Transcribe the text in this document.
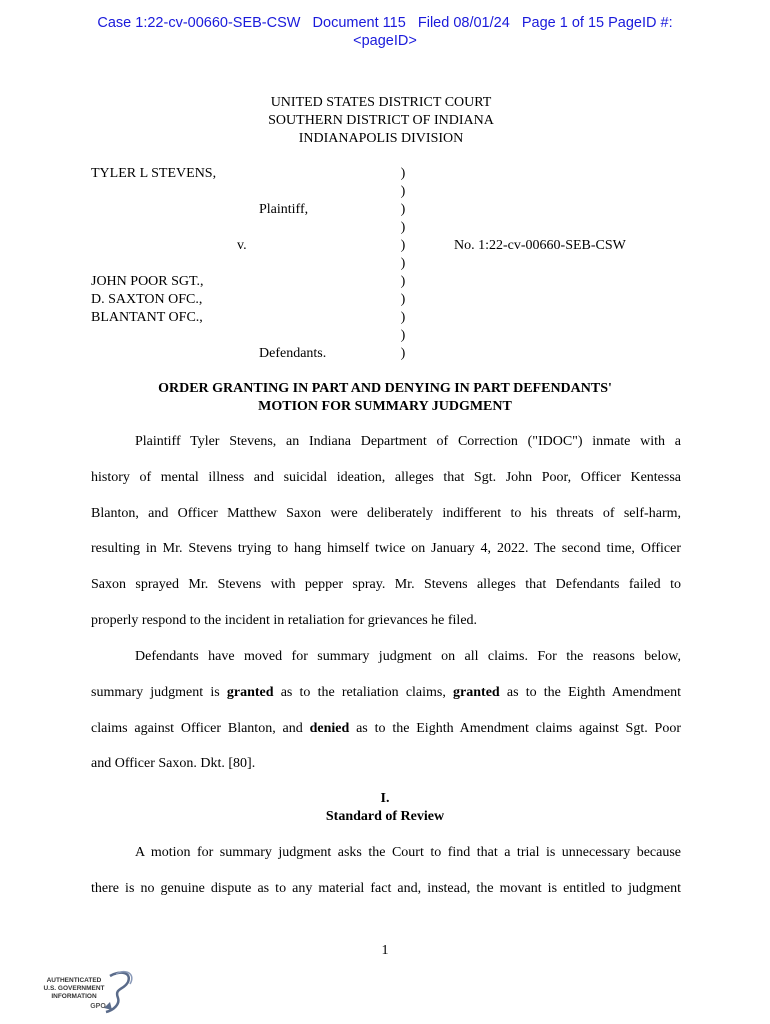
Case 1:22-cv-00660-SEB-CSW   Document 115   Filed 08/01/24   Page 1 of 15 PageID #:
<pageID>
UNITED STATES DISTRICT COURT
SOUTHERN DISTRICT OF INDIANA
INDIANAPOLIS DIVISION
TYLER L STEVENS,
Plaintiff,
v.	No. 1:22-cv-00660-SEB-CSW
JOHN POOR SGT.,
D. SAXTON OFC.,
BLANTANT OFC.,
Defendants.
)
)
)
)
)
)
)
)
)
)
)
ORDER GRANTING IN PART AND DENYING IN PART DEFENDANTS'
MOTION FOR SUMMARY JUDGMENT
Plaintiff Tyler Stevens, an Indiana Department of Correction ("IDOC") inmate with a
history of mental illness and suicidal ideation, alleges that Sgt. John Poor, Officer Kentessa
Blanton, and Officer Matthew Saxon were deliberately indifferent to his threats of self-harm,
resulting in Mr. Stevens trying to hang himself twice on January 4, 2022. The second time, Officer
Saxon sprayed Mr. Stevens with pepper spray. Mr. Stevens alleges that Defendants failed to
properly respond to the incident in retaliation for grievances he filed.
Defendants have moved for summary judgment on all claims. For the reasons below,
summary judgment is granted as to the retaliation claims, granted as to the Eighth Amendment
claims against Officer Blanton, and denied as to the Eighth Amendment claims against Sgt. Poor
and Officer Saxon. Dkt. [80].
I.
Standard of Review
A motion for summary judgment asks the Court to find that a trial is unnecessary because
there is no genuine dispute as to any material fact and, instead, the movant is entitled to judgment
1
AUTHENTICATED
U.S. GOVERNMENT
INFORMATION
GPO
